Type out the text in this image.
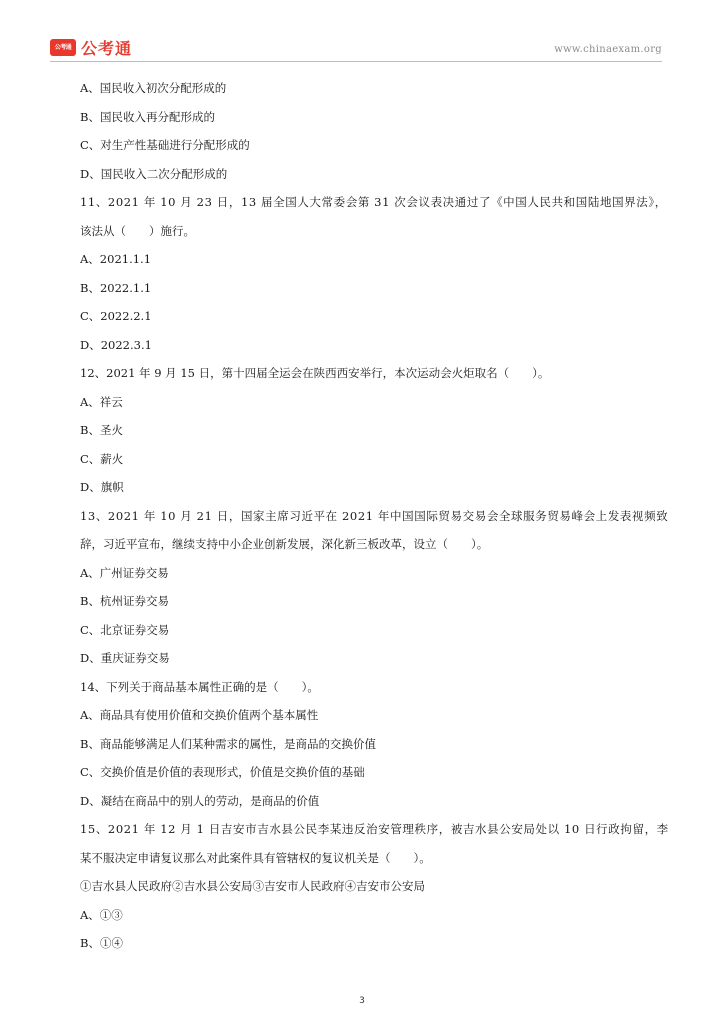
公考通 公考通	www.chinaexam.org
A、国民收入初次分配形成的
B、国民收入再分配形成的
C、对生产性基础进行分配形成的
D、国民收入二次分配形成的
11、2021 年 10 月 23 日，13 届全国人大常委会第 31 次会议表决通过了《中国人民共和国陆地国界法》，
该法从（　　）施行。
A、2021.1.1
B、2022.1.1
C、2022.2.1
D、2022.3.1
12、2021 年 9 月 15 日，第十四届全运会在陕西西安举行，本次运动会火炬取名（　　）。
A、祥云
B、圣火
C、薪火
D、旗帜
13、2021 年 10 月 21 日，国家主席习近平在 2021 年中国国际贸易交易会全球服务贸易峰会上发表视频致
辞，习近平宣布，继续支持中小企业创新发展，深化新三板改革，设立（　　）。
A、广州证券交易
B、杭州证券交易
C、北京证券交易
D、重庆证券交易
14、下列关于商品基本属性正确的是（　　）。
A、商品具有使用价值和交换价值两个基本属性
B、商品能够满足人们某种需求的属性，是商品的交换价值
C、交换价值是价值的表现形式，价值是交换价值的基础
D、凝结在商品中的别人的劳动，是商品的价值
15、2021 年 12 月 1 日吉安市吉水县公民李某违反治安管理秩序，被吉水县公安局处以 10 日行政拘留，李
某不服决定申请复议那么对此案件具有管辖权的复议机关是（　　）。
①吉水县人民政府②吉水县公安局③吉安市人民政府④吉安市公安局
A、①③
B、①④
3
